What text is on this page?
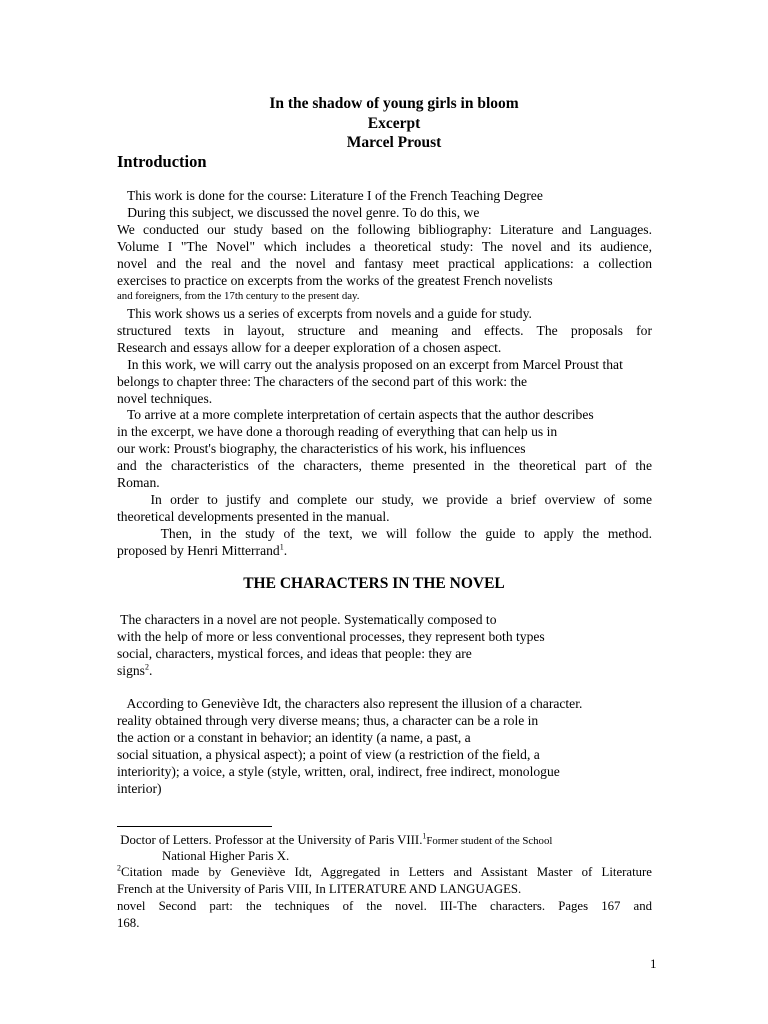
In the shadow of young girls in bloom
Excerpt
Marcel Proust
Introduction
This work is done for the course: Literature I of the French Teaching Degree
During this subject, we discussed the novel genre. To do this, we
We conducted our study based on the following bibliography: Literature and Languages.
Volume I "The Novel" which includes a theoretical study: The novel and its audience,
novel and the real and the novel and fantasy meet practical applications: a collection
exercises to practice on excerpts from the works of the greatest French novelists
and foreigners, from the 17th century to the present day.
This work shows us a series of excerpts from novels and a guide for study.
structured texts in layout, structure and meaning and effects. The proposals for
Research and essays allow for a deeper exploration of a chosen aspect.
In this work, we will carry out the analysis proposed on an excerpt from Marcel Proust that
belongs to chapter three: The characters of the second part of this work: the
novel techniques.
To arrive at a more complete interpretation of certain aspects that the author describes
in the excerpt, we have done a thorough reading of everything that can help us in
our work: Proust's biography, the characteristics of his work, his influences
and the characteristics of the characters, theme presented in the theoretical part of the
Roman.
In order to justify and complete our study, we provide a brief overview of some
theoretical developments presented in the manual.
Then, in the study of the text, we will follow the guide to apply the method.
proposed by Henri Mitterrand$^1$.
THE CHARACTERS IN THE NOVEL
The characters in a novel are not people. Systematically composed to
with the help of more or less conventional processes, they represent both types
social, characters, mystical forces, and ideas that people: they are
signs$^2$.
According to Geneviève Idt, the characters also represent the illusion of a character.
reality obtained through very diverse means; thus, a character can be a role in
the action or a constant in behavior; an identity (a name, a past, a
social situation, a physical aspect); a point of view (a restriction of the field, a
interiority); a voice, a style (style, written, oral, indirect, free indirect, monologue
interior)
Doctor of Letters. Professor at the University of Paris VIII.$^1$Former student of the School
National Higher Paris X.
$^2$Citation made by Geneviève Idt, Aggregated in Letters and Assistant Master of Literature
French at the University of Paris VIII, In LITERATURE AND LANGUAGES.
novel Second part: the techniques of the novel. III-The characters. Pages 167 and
168.
1
